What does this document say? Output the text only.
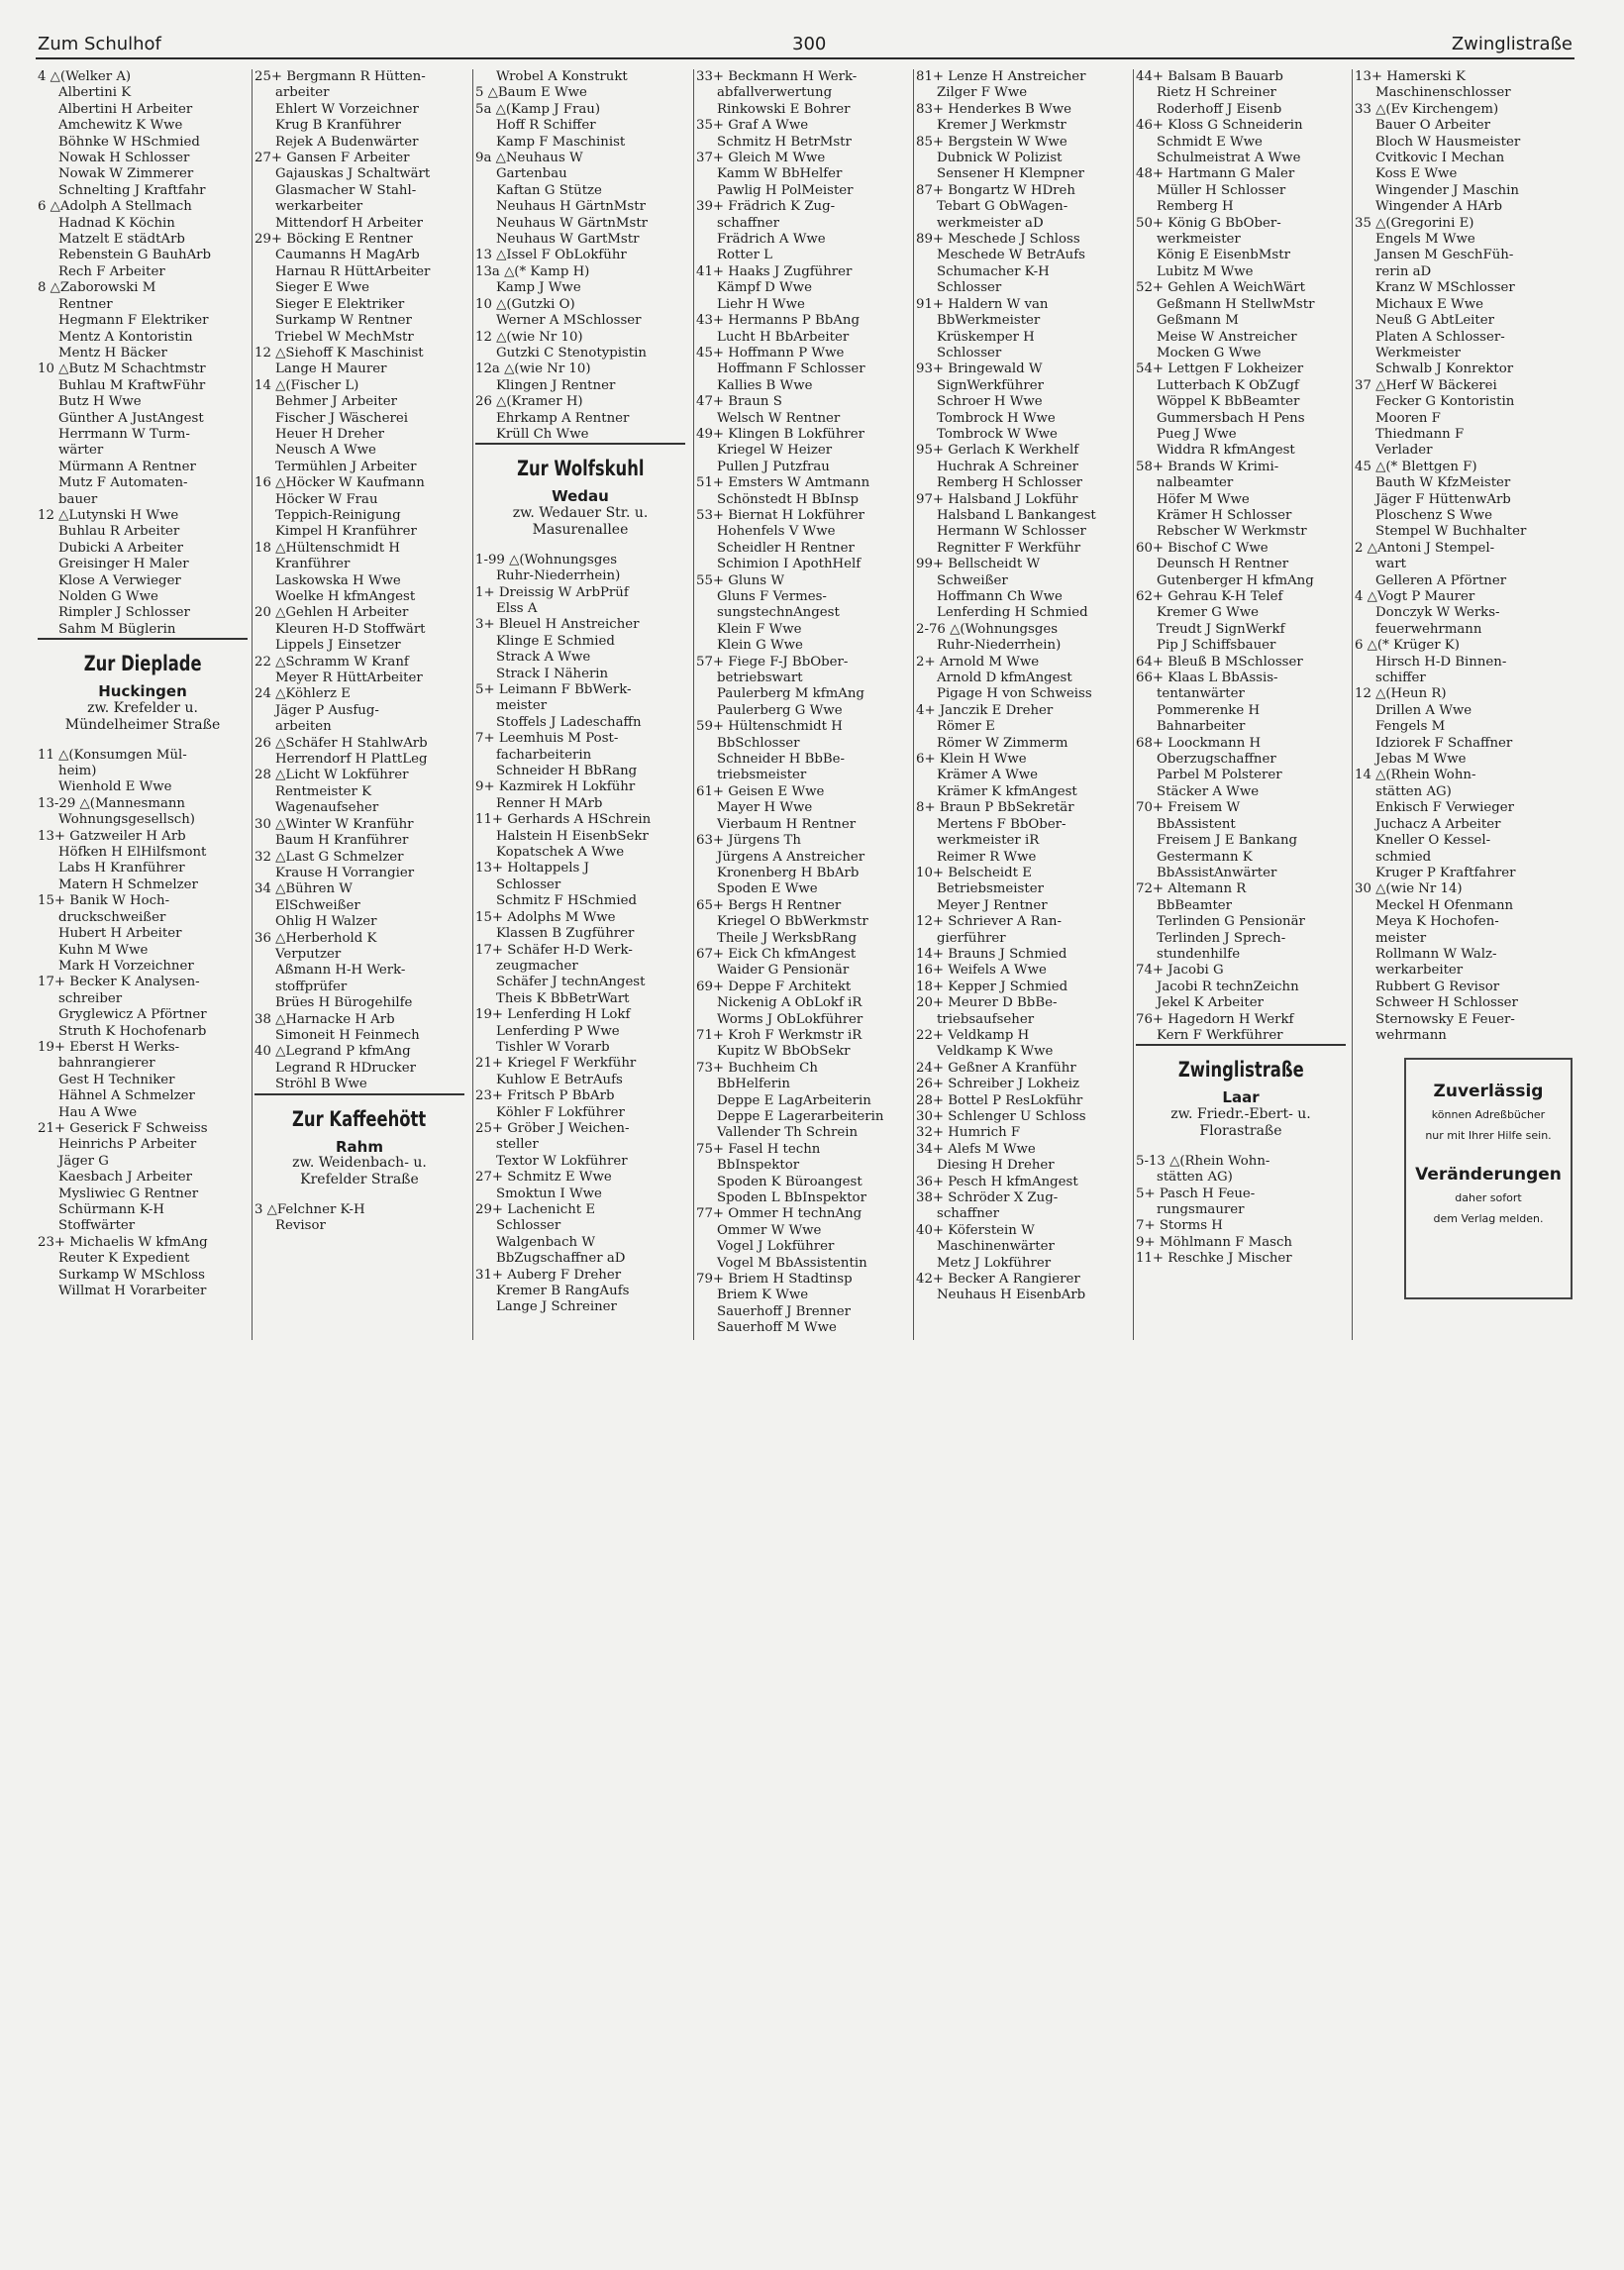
Zum Schulhof	300	Zwinglistraße
4 △(Welker A)
Albertini K
Albertini H Arbeiter
Amchewitz K Wwe
Böhnke W HSchmied
Nowak H Schlosser
Nowak W Zimmerer
Schnelting J Kraftfahr
6 △Adolph A Stellmach
Hadnad K Köchin
Matzelt E städtArb
Rebenstein G BauhArb
Rech F Arbeiter
8 △Zaborowski M
Rentner
Hegmann F Elektriker
Mentz A Kontoristin
Mentz H Bäcker
10 △Butz M Schachtmstr
Buhlau M KraftwFühr
Butz H Wwe
Günther A JustAngest
Herrmann W Turm-
wärter
Mürmann A Rentner
Mutz F Automaten-
bauer
12 △Lutynski H Wwe
Buhlau R Arbeiter
Dubicki A Arbeiter
Greisinger H Maler
Klose A Verwieger
Nolden G Wwe
Rimpler J Schlosser
Sahm M Büglerin
Zur Dieplade
Huckingen
zw. Krefelder u.
Mündelheimer Straße
11 △(Konsumgen Mül-
heim)
Wienhold E Wwe
13-29 △(Mannesmann
Wohnungsgesellsch)
13+ Gatzweiler H Arb
Höfken H ElHilfsmont
Labs H Kranführer
Matern H Schmelzer
15+ Banik W Hoch-
druckschweißer
Hubert H Arbeiter
Kuhn M Wwe
Mark H Vorzeichner
17+ Becker K Analysen-
schreiber
Gryglewicz A Pförtner
Struth K Hochofenarb
19+ Eberst H Werks-
bahnrangierer
Gest H Techniker
Hähnel A Schmelzer
Hau A Wwe
21+ Geserick F Schweiss
Heinrichs P Arbeiter
Jäger G
Kaesbach J Arbeiter
Mysliwiec G Rentner
Schürmann K-H
Stoffwärter
23+ Michaelis W kfmAng
Reuter K Expedient
Surkamp W MSchloss
Willmat H Vorarbeiter
25+ Bergmann R Hütten-
arbeiter
Ehlert W Vorzeichner
Krug B Kranführer
Rejek A Budenwärter
27+ Gansen F Arbeiter
Gajauskas J Schaltwärt
Glasmacher W Stahl-
werkarbeiter
Mittendorf H Arbeiter
29+ Böcking E Rentner
Caumanns H MagArb
Harnau R HüttArbeiter
Sieger E Wwe
Sieger E Elektriker
Surkamp W Rentner
Triebel W MechMstr
12 △Siehoff K Maschinist
Lange H Maurer
14 △(Fischer L)
Behmer J Arbeiter
Fischer J Wäscherei
Heuer H Dreher
Neusch A Wwe
Termühlen J Arbeiter
16 △Höcker W Kaufmann
Höcker W Frau
Teppich-Reinigung
Kimpel H Kranführer
18 △Hültenschmidt H
Kranführer
Laskowska H Wwe
Woelke H kfmAngest
20 △Gehlen H Arbeiter
Kleuren H-D Stoffwärt
Lippels J Einsetzer
22 △Schramm W Kranf
Meyer R HüttArbeiter
24 △Köhlerz E
Jäger P Ausfug-
arbeiten
26 △Schäfer H StahlwArb
Herrendorf H PlattLeg
28 △Licht W Lokführer
Rentmeister K
Wagenaufseher
30 △Winter W Kranführ
Baum H Kranführer
32 △Last G Schmelzer
Krause H Vorrangier
34 △Bühren W
ElSchweißer
Ohlig H Walzer
36 △Herberhold K
Verputzer
Aßmann H-H Werk-
stoffprüfer
Brües H Bürogehilfe
38 △Harnacke H Arb
Simoneit H Feinmech
40 △Legrand P kfmAng
Legrand R HDrucker
Ströhl B Wwe
Zur Kaffeehött
Rahm
zw. Weidenbach- u.
Krefelder Straße
3 △Felchner K-H
Revisor
Wrobel A Konstrukt
5 △Baum E Wwe
5a △(Kamp J Frau)
Hoff R Schiffer
Kamp F Maschinist
9a △Neuhaus W
Gartenbau
Kaftan G Stütze
Neuhaus H GärtnMstr
Neuhaus W GärtnMstr
Neuhaus W GartMstr
13 △Issel F ObLokführ
13a △(* Kamp H)
Kamp J Wwe
10 △(Gutzki O)
Werner A MSchlosser
12 △(wie Nr 10)
Gutzki C Stenotypistin
12a △(wie Nr 10)
Klingen J Rentner
26 △(Kramer H)
Ehrkamp A Rentner
Krüll Ch Wwe
Zur Wolfskuhl
Wedau
zw. Wedauer Str. u.
Masurenallee
1-99 △(Wohnungsges
Ruhr-Niederrhein)
1+ Dreissig W ArbPrüf
Elss A
3+ Bleuel H Anstreicher
Klinge E Schmied
Strack A Wwe
Strack I Näherin
5+ Leimann F BbWerk-
meister
Stoffels J Ladeschaffn
7+ Leemhuis M Post-
facharbeiterin
Schneider H BbRang
9+ Kazmirek H Lokführ
Renner H MArb
11+ Gerhards A HSchrein
Halstein H EisenbSekr
Kopatschek A Wwe
13+ Holtappels J
Schlosser
Schmitz F HSchmied
15+ Adolphs M Wwe
Klassen B Zugführer
17+ Schäfer H-D Werk-
zeugmacher
Schäfer J technAngest
Theis K BbBetrWart
19+ Lenferding H Lokf
Lenferding P Wwe
Tishler W Vorarb
21+ Kriegel F Werkführ
Kuhlow E BetrAufs
23+ Fritsch P BbArb
Köhler F Lokführer
25+ Gröber J Weichen-
steller
Textor W Lokführer
27+ Schmitz E Wwe
Smoktun I Wwe
29+ Lachenicht E
Schlosser
Walgenbach W
BbZugschaffner aD
31+ Auberg F Dreher
Kremer B RangAufs
Lange J Schreiner
33+ Beckmann H Werk-
abfallverwertung
Rinkowski E Bohrer
35+ Graf A Wwe
Schmitz H BetrMstr
37+ Gleich M Wwe
Kamm W BbHelfer
Pawlig H PolMeister
39+ Frädrich K Zug-
schaffner
Frädrich A Wwe
Rotter L
41+ Haaks J Zugführer
Kämpf D Wwe
Liehr H Wwe
43+ Hermanns P BbAng
Lucht H BbArbeiter
45+ Hoffmann P Wwe
Hoffmann F Schlosser
Kallies B Wwe
47+ Braun S
Welsch W Rentner
49+ Klingen B Lokführer
Kriegel W Heizer
Pullen J Putzfrau
51+ Emsters W Amtmann
Schönstedt H BbInsp
53+ Biernat H Lokführer
Hohenfels V Wwe
Scheidler H Rentner
Schimion I ApothHelf
55+ Gluns W
Gluns F Vermes-
sungstechnAngest
Klein F Wwe
Klein G Wwe
57+ Fiege F-J BbOber-
betriebswart
Paulerberg M kfmAng
Paulerberg G Wwe
59+ Hültenschmidt H
BbSchlosser
Schneider H BbBe-
triebsmeister
61+ Geisen E Wwe
Mayer H Wwe
Vierbaum H Rentner
63+ Jürgens Th
Jürgens A Anstreicher
Kronenberg H BbArb
Spoden E Wwe
65+ Bergs H Rentner
Kriegel O BbWerkmstr
Theile J WerksbRang
67+ Eick Ch kfmAngest
Waider G Pensionär
69+ Deppe F Architekt
Nickenig A ObLokf iR
Worms J ObLokführer
71+ Kroh F Werkmstr iR
Kupitz W BbObSekr
73+ Buchheim Ch
BbHelferin
Deppe E LagArbeiterin
Deppe E Lagerarbeiterin
Vallender Th Schrein
75+ Fasel H techn
BbInspektor
Spoden K Büroangest
Spoden L BbInspektor
77+ Ommer H technAng
Ommer W Wwe
Vogel J Lokführer
Vogel M BbAssistentin
79+ Briem H Stadtinsp
Briem K Wwe
Sauerhoff J Brenner
Sauerhoff M Wwe
81+ Lenze H Anstreicher
Zilger F Wwe
83+ Henderkes B Wwe
Kremer J Werkmstr
85+ Bergstein W Wwe
Dubnick W Polizist
Sensener H Klempner
87+ Bongartz W HDreh
Tebart G ObWagen-
werkmeister aD
89+ Meschede J Schloss
Meschede W BetrAufs
Schumacher K-H
Schlosser
91+ Haldern W van
BbWerkmeister
Krüskemper H
Schlosser
93+ Bringewald W
SignWerkführer
Schroer H Wwe
Tombrock H Wwe
Tombrock W Wwe
95+ Gerlach K Werkhelf
Huchrak A Schreiner
Remberg H Schlosser
97+ Halsband J Lokführ
Halsband L Bankangest
Hermann W Schlosser
Regnitter F Werkführ
99+ Bellscheidt W
Schweißer
Hoffmann Ch Wwe
Lenferding H Schmied
2-76 △(Wohnungsges
Ruhr-Niederrhein)
2+ Arnold M Wwe
Arnold D kfmAngest
Pigage H von Schweiss
4+ Janczik E Dreher
Römer E
Römer W Zimmerm
6+ Klein H Wwe
Krämer A Wwe
Krämer K kfmAngest
8+ Braun P BbSekretär
Mertens F BbOber-
werkmeister iR
Reimer R Wwe
10+ Belscheidt E
Betriebsmeister
Meyer J Rentner
12+ Schriever A Ran-
gierführer
14+ Brauns J Schmied
16+ Weifels A Wwe
18+ Kepper J Schmied
20+ Meurer D BbBe-
triebsaufseher
22+ Veldkamp H
Veldkamp K Wwe
24+ Geßner A Kranführ
26+ Schreiber J Lokheiz
28+ Bottel P ResLokführ
30+ Schlenger U Schloss
32+ Humrich F
34+ Alefs M Wwe
Diesing H Dreher
36+ Pesch H kfmAngest
38+ Schröder X Zug-
schaffner
40+ Köferstein W
Maschinenwärter
Metz J Lokführer
42+ Becker A Rangierer
Neuhaus H EisenbArb
44+ Balsam B Bauarb
Rietz H Schreiner
Roderhoff J Eisenb
46+ Kloss G Schneiderin
Schmidt E Wwe
Schulmeistrat A Wwe
48+ Hartmann G Maler
Müller H Schlosser
Remberg H
50+ König G BbOber-
werkmeister
König E EisenbMstr
Lubitz M Wwe
52+ Gehlen A WeichWärt
Geßmann H StellwMstr
Geßmann M
Meise W Anstreicher
Mocken G Wwe
54+ Lettgen F Lokheizer
Lutterbach K ObZugf
Wöppel K BbBeamter
Gummersbach H Pens
Pueg J Wwe
Widdra R kfmAngest
58+ Brands W Krimi-
nalbeamter
Höfer M Wwe
Krämer H Schlosser
Rebscher W Werkmstr
60+ Bischof C Wwe
Deunsch H Rentner
Gutenberger H kfmAng
62+ Gehrau K-H Telef
Kremer G Wwe
Treudt J SignWerkf
Pip J Schiffsbauer
64+ Bleuß B MSchlosser
66+ Klaas L BbAssis-
tentanwärter
Pommerenke H
Bahnarbeiter
68+ Loockmann H
Oberzugschaffner
Parbel M Polsterer
Stäcker A Wwe
70+ Freisem W
BbAssistent
Freisem J E Bankang
Gestermann K
BbAssistAnwärter
72+ Altemann R
BbBeamter
Terlinden G Pensionär
Terlinden J Sprech-
stundenhilfe
74+ Jacobi G
Jacobi R technZeichn
Jekel K Arbeiter
76+ Hagedorn H Werkf
Kern F Werkführer
Zwinglistraße
Laar
zw. Friedr.-Ebert- u.
Florastraße
5-13 △(Rhein Wohn-
stätten AG)
5+ Pasch H Feue-
rungsmaurer
7+ Storms H
9+ Möhlmann F Masch
11+ Reschke J Mischer
13+ Hamerski K
Maschinenschlosser
33 △(Ev Kirchengem)
Bauer O Arbeiter
Bloch W Hausmeister
Cvitkovic I Mechan
Koss E Wwe
Wingender J Maschin
Wingender A HArb
35 △(Gregorini E)
Engels M Wwe
Jansen M GeschFüh-
rerin aD
Kranz W MSchlosser
Michaux E Wwe
Neuß G AbtLeiter
Platen A Schlosser-
Werkmeister
Schwalb J Konrektor
37 △Herf W Bäckerei
Fecker G Kontoristin
Mooren F
Thiedmann F
Verlader
45 △(* Blettgen F)
Bauth W KfzMeister
Jäger F HüttenwArb
Ploschenz S Wwe
Stempel W Buchhalter
2 △Antoni J Stempel-
wart
Gelleren A Pförtner
4 △Vogt P Maurer
Donczyk W Werks-
feuerwehrmann
6 △(* Krüger K)
Hirsch H-D Binnen-
schiffer
12 △(Heun R)
Drillen A Wwe
Fengels M
Idziorek F Schaffner
Jebas M Wwe
14 △(Rhein Wohn-
stätten AG)
Enkisch F Verwieger
Juchacz A Arbeiter
Kneller O Kessel-
schmied
Kruger P Kraftfahrer
30 △(wie Nr 14)
Meckel H Ofenmann
Meya K Hochofen-
meister
Rollmann W Walz-
werkarbeiter
Rubbert G Revisor
Schweer H Schlosser
Sternowsky E Feuer-
wehrmann
Zuverlässig
können Adreßbücher
nur mit Ihrer Hilfe sein.
Veränderungen
daher sofort
dem Verlag melden.
